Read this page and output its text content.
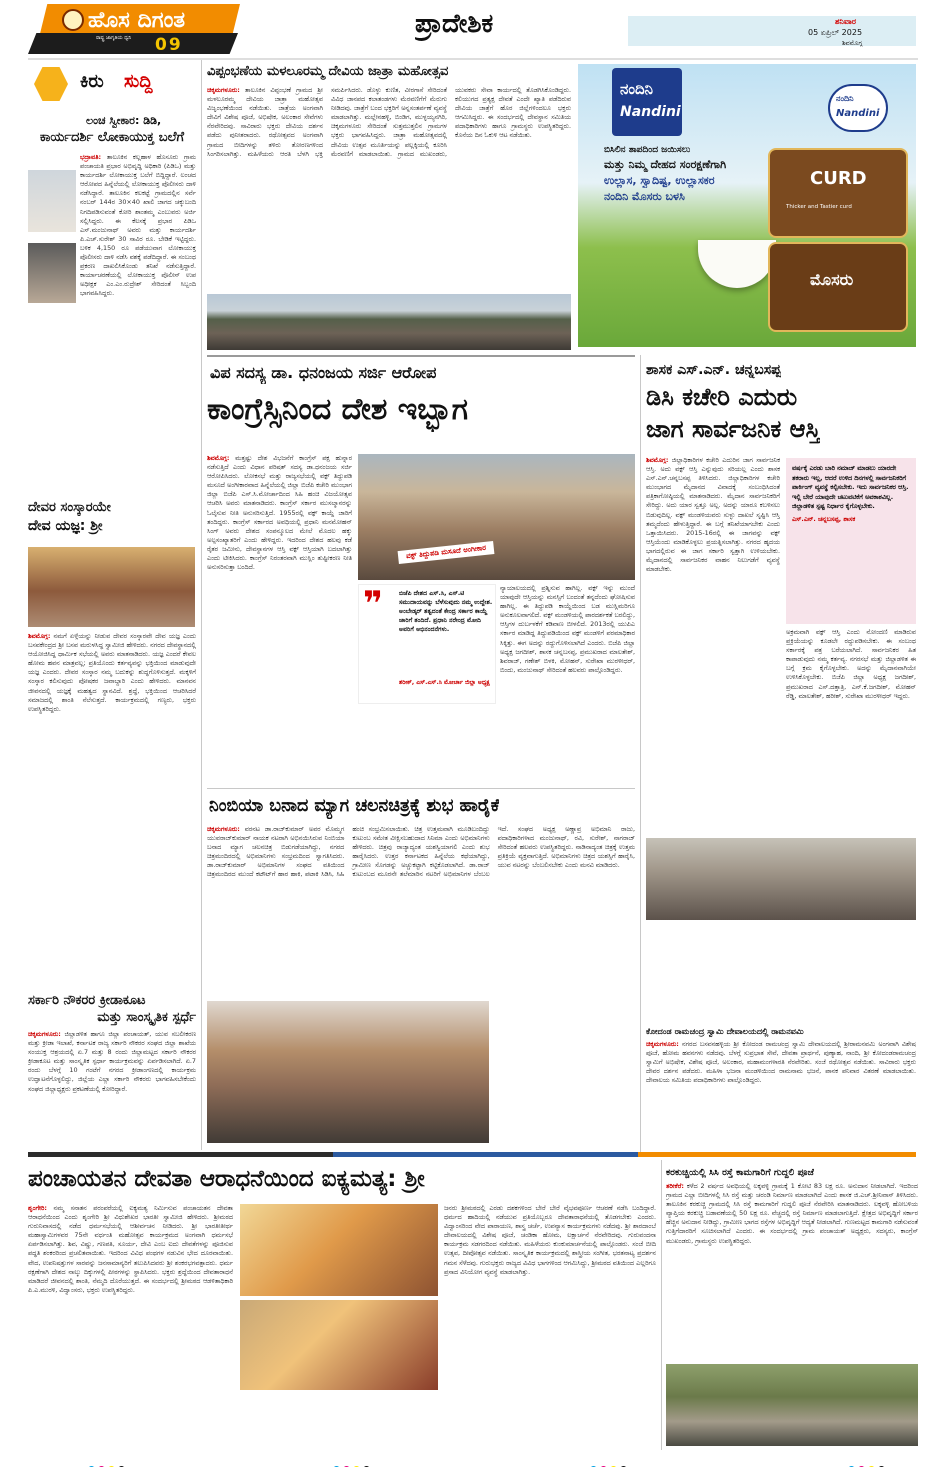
ಹೊಸ ದಿಗಂತ
ರಾಷ್ಟ್ರ ಜಾಗೃತಿಯ ಧ್ವನಿ 09
ಪ್ರಾದೇಶಿಕ	ಶನಿವಾರ
05 ಏಪ್ರಿಲ್ 2025
ಶಿವಮೊಗ್ಗ
ಕಿರು ಸುದ್ದಿ
ಲಂಚ ಸ್ವೀಕಾರ: ಡಿಡಿ,
ಕಾರ್ಯದರ್ಶಿ ಲೋಕಾಯುಕ್ತ ಬಲೆಗೆ
ಭದ್ರಾವತಿ: ತಾಲೂಕಿನ ಕಲ್ಲಹಾಳ ಹೊಸೂರು ಗ್ರಾಮ ಪಂಚಾಯತಿ ಪ್ರಭಾರ ಅಭಿವೃದ್ಧಿ ಅಧಿಕಾರಿ (ಪಿಡಿಒ) ಮತ್ತು ಕಾರ್ಯದರ್ಶಿ ಲೋಕಾಯುಕ್ತ ಬಲೆಗೆ ಬಿದ್ದಿದ್ದಾರೆ. ಲಂಚದ ಆರೋಪದ ಹಿನ್ನೆಲೆಯಲ್ಲಿ ಲೋಕಾಯುಕ್ತ ಪೊಲೀಸರು ದಾಳಿ ನಡೆಸಿದ್ದಾರೆ. ತಾಲೂಕಿನ ಕಲಕಟ್ಟೆ ಗ್ರಾಮದಲ್ಲಿನ ಸರ್ವೆ ನಂಬರ್ 144ರ 30×40 ಖಾಲಿ ಜಾಗದ ಚಕ್ಕುಬಂದಿ ನಿಗದಿಪಡಿಸುವಂತೆ ಕೋರಿ ಶಾಂತಮ್ಮ ಎಂಬುವರು ಅರ್ಜಿ ಸಲ್ಲಿಸಿದ್ದರು. ಈ ಕೆಲಸಕ್ಕೆ ಪ್ರಭಾರ ಪಿಡಿಒ ಎಸ್.ಮಂಜುನಾಥ್ ಅವರು ಮತ್ತು ಕಾರ್ಯದರ್ಶಿ ಪಿ.ಎಚ್.ಸುರೇಶ್ 30 ಸಾವಿರ ರೂ. ಬೇಡಿಕೆ ಇಟ್ಟಿದ್ದರು. ಬಳಿಕ 4,150 ರೂ ಪಡೆಯುವಾಗ ಲೋಕಾಯುಕ್ತ ಪೊಲೀಸರು ದಾಳಿ ನಡೆಸಿ ವಶಕ್ಕೆ ಪಡೆದಿದ್ದಾರೆ. ಈ ಸಂಬಂಧ ಪ್ರಕರಣ ದಾಖಲಿಸಿಕೊಂಡು ತನಿಖೆ ನಡೆಸುತ್ತಿದ್ದಾರೆ. ಕಾರ್ಯಾಚರಣೆಯಲ್ಲಿ ಲೋಕಾಯುಕ್ತ ಪೊಲೀಸ್ ಉಪ ಅಧೀಕ್ಷಕ ಎಂ.ಎಂ.ರುದ್ರೇಶ್ ಸೇರಿದಂತೆ ಸಿಬ್ಬಂದಿ ಭಾಗವಹಿಸಿದ್ದರು.
ದೇವರ ಸಂಸ್ಕಾರಯೇ
ದೇವ ಯಜ್ಞ: ಶ್ರೀ
ಶಿವಮೊಗ್ಗ: ನಮಗೆ ಏಳ್ಗೆಯನ್ನು ನೀಡುವ ದೇವರ ಸಂಸ್ಕಾರವೇ ದೇವ ಯಜ್ಞ ಎಂದು ಬಸವಕೇಂದ್ರದ ಶ್ರೀ ಬಸವ ಮರುಳಸಿದ್ಧ ಸ್ವಾಮೀಜಿ ಹೇಳಿದರು. ನಗರದ ದೇವಸ್ಥಾನದಲ್ಲಿ ಆಯೋಜಿಸಿದ್ದ ಧಾರ್ಮಿಕ ಸಭೆಯಲ್ಲಿ ಅವರು ಮಾತನಾಡಿದರು. ಯಜ್ಞ ಎಂದರೆ ಕೇವಲ ಹೋಮ ಹವನ ಮಾತ್ರವಲ್ಲ; ಪ್ರತಿಯೊಂದು ಕರ್ತವ್ಯವನ್ನು ಭಕ್ತಿಯಿಂದ ಮಾಡುವುದೇ ಯಜ್ಞ ಎಂದರು. ದೇವರ ಸಂಸ್ಕಾರ ನಮ್ಮ ಬದುಕನ್ನು ಶುದ್ಧಗೊಳಿಸುತ್ತದೆ. ಮಕ್ಕಳಿಗೆ ಸಂಸ್ಕಾರ ಕಲಿಸುವುದು ಪೋಷಕರ ಜವಾಬ್ದಾರಿ ಎಂದು ಹೇಳಿದರು. ಮಾನವನ ಜೀವನದಲ್ಲಿ ಯಜ್ಞಕ್ಕೆ ಮಹತ್ವದ ಸ್ಥಾನವಿದೆ. ಶ್ರದ್ಧೆ, ಭಕ್ತಿಯಿಂದ ಆಚರಿಸಿದರೆ ಸಮಾಜದಲ್ಲಿ ಶಾಂತಿ ನೆಲೆಸುತ್ತದೆ. ಕಾರ್ಯಕ್ರಮದಲ್ಲಿ ಗಣ್ಯರು, ಭಕ್ತರು ಉಪಸ್ಥಿತರಿದ್ದರು.
ಸರ್ಕಾರಿ ನೌಕರರ ಕ್ರೀಡಾಕೂಟ
ಮತ್ತು ಸಾಂಸ್ಕೃತಿಕ ಸ್ಪರ್ಧೆ
ಚಿಕ್ಕಮಗಳೂರು: ಜಿಲ್ಲಾಡಳಿತ ಹಾಗೂ ಜಿಲ್ಲಾ ಪಂಚಾಯತ್, ಯುವ ಸಬಲೀಕರಣ ಮತ್ತು ಕ್ರೀಡಾ ಇಲಾಖೆ, ಕರ್ನಾಟಕ ರಾಜ್ಯ ಸರ್ಕಾರಿ ನೌಕರರ ಸಂಘದ ಜಿಲ್ಲಾ ಶಾಖೆಯ ಸಂಯುಕ್ತ ಆಶ್ರಯದಲ್ಲಿ ಏ.7 ಮತ್ತು 8 ರಂದು ಜಿಲ್ಲಾಮಟ್ಟದ ಸರ್ಕಾರಿ ನೌಕರರ ಕ್ರೀಡಾಕೂಟ ಮತ್ತು ಸಾಂಸ್ಕೃತಿಕ ಸ್ಪರ್ಧಾ ಕಾರ್ಯಕ್ರಮವನ್ನು ಏರ್ಪಡಿಸಲಾಗಿದೆ. ಏ.7 ರಂದು ಬೆಳಗ್ಗೆ 10 ಗಂಟೆಗೆ ನಗರದ ಕ್ರೀಡಾಂಗಣದಲ್ಲಿ ಕಾರ್ಯಕ್ರಮ ಉದ್ಘಾಟನೆಗೊಳ್ಳಲಿದ್ದು, ಜಿಲ್ಲೆಯ ಎಲ್ಲಾ ಸರ್ಕಾರಿ ನೌಕರರು ಭಾಗವಹಿಸಬೇಕೆಂದು ಸಂಘದ ಜಿಲ್ಲಾಧ್ಯಕ್ಷರು ಪ್ರಕಟಣೆಯಲ್ಲಿ ಕೋರಿದ್ದಾರೆ.
ವಿಪ್ಪಂಭಣೆಯ ಮಳಲೂರಮ್ಮ ದೇವಿಯ ಜಾತ್ರಾ ಮಹೋತ್ಸವ
ಚಿಕ್ಕಮಗಳೂರು: ತಾಲೂಕಿನ ವಿಪ್ಪಂಭಣೆ ಗ್ರಾಮದ ಶ್ರೀ ಮಳಲೂರಮ್ಮ ದೇವಿಯ ಜಾತ್ರಾ ಮಹೋತ್ಸವ ವಿಜೃಂಭಣೆಯಿಂದ ನಡೆಯಿತು. ಜಾತ್ರೆಯ ಅಂಗವಾಗಿ ದೇವಿಗೆ ವಿಶೇಷ ಪೂಜೆ, ಅಭಿಷೇಕ, ಅಲಂಕಾರ ಸೇವೆಗಳು ನೆರವೇರಿದವು. ಸಾವಿರಾರು ಭಕ್ತರು ದೇವಿಯ ದರ್ಶನ ಪಡೆದು ಪುನೀತರಾದರು. ರಥೋತ್ಸವದ ಅಂಗವಾಗಿ ಗ್ರಾಮದ ಬೀದಿಗಳನ್ನು ತಳಿರು ತೋರಣಗಳಿಂದ ಸಿಂಗರಿಸಲಾಗಿತ್ತು. ಮಹಿಳೆಯರು ಆರತಿ ಬೆಳಗಿ ಭಕ್ತಿ ಸಮರ್ಪಿಸಿದರು. ಡೊಳ್ಳು ಕುಣಿತ, ವೀರಗಾಸೆ ಸೇರಿದಂತೆ ವಿವಿಧ ಜಾನಪದ ಕಲಾತಂಡಗಳು ಮೆರವಣಿಗೆಗೆ ಮೆರುಗು ನೀಡಿದವು. ಜಾತ್ರೆಗೆ ಬಂದ ಭಕ್ತರಿಗೆ ಅನ್ನಸಂತರ್ಪಣೆ ವ್ಯವಸ್ಥೆ ಮಾಡಲಾಗಿತ್ತು. ಮಲ್ಲೇನಹಳ್ಳಿ, ಬಿಂಡಿಗ, ಮುಳ್ಳಯ್ಯನಗಿರಿ, ಚಿಕ್ಕಮಗಳೂರು ಸೇರಿದಂತೆ ಸುತ್ತಮುತ್ತಲಿನ ಗ್ರಾಮಗಳ ಭಕ್ತರು ಭಾಗವಹಿಸಿದ್ದರು. ಜಾತ್ರಾ ಮಹೋತ್ಸವದಲ್ಲಿ ದೇವಿಯ ಉತ್ಸವ ಮೂರ್ತಿಯನ್ನು ಪಲ್ಲಕ್ಕಿಯಲ್ಲಿ ಕೂರಿಸಿ ಮೆರವಣಿಗೆ ಮಾಡಲಾಯಿತು. ಗ್ರಾಮದ ಮುಖಂಡರು, ಯುವಕರು ಸೇವಾ ಕಾರ್ಯದಲ್ಲಿ ತೊಡಗಿಸಿಕೊಂಡಿದ್ದರು. ಕಲಿಯುಗದ ಪ್ರತ್ಯಕ್ಷ ದೇವತೆ ಎಂದೇ ಖ್ಯಾತಿ ಪಡೆದಿರುವ ದೇವಿಯ ಜಾತ್ರೆಗೆ ಹೊರ ಜಿಲ್ಲೆಗಳಿಂದಲೂ ಭಕ್ತರು ಆಗಮಿಸಿದ್ದರು. ಈ ಸಂದರ್ಭದಲ್ಲಿ ದೇವಸ್ಥಾನ ಸಮಿತಿಯ ಪದಾಧಿಕಾರಿಗಳು ಹಾಗೂ ಗ್ರಾಮಸ್ಥರು ಉಪಸ್ಥಿತರಿದ್ದರು. ಕೊನೆಯ ದಿನ ಓಕುಳಿ ಆಟ ನಡೆಯಿತು.
ನಂದಿನಿ
Nandini
ನಂದಿನಿ
Nandini
ಬಿಸಿಲಿನ ತಾಪದಿಂದ ಜಯಿಸಲು
ಮತ್ತು ನಿಮ್ಮ ದೇಹದ ಸಂರಕ್ಷಣೆಗಾಗಿ
ಉಲ್ಲಾಸ, ಸ್ವಾದಿಷ್ಟ, ಉಲ್ಲಾಸಕರ
ನಂದಿನಿ ಮೊಸರು ಬಳಸಿ
CURD
Thicker and Tastier curd
ಮೊಸರು
ವಿಪ ಸದಸ್ಯ ಡಾ. ಧನಂಜಯ ಸರ್ಜಿ ಆರೋಪ
ಕಾಂಗ್ರೆಸ್ಸಿನಿಂದ ದೇಶ ಇಬ್ಭಾಗ
ಶಿವಮೊಗ್ಗ: ಮತ್ತಷ್ಟು ದೇಶ ವಿಭಜನೆಗೆ ಕಾಂಗ್ರೆಸ್ ಪಕ್ಷ ಹುನ್ನಾರ ನಡೆಸುತ್ತಿದೆ ಎಂದು ವಿಧಾನ ಪರಿಷತ್ ಸದಸ್ಯ ಡಾ.ಧನಂಜಯ ಸರ್ಜಿ ಆರೋಪಿಸಿದರು. ಲೋಕಸಭೆ ಮತ್ತು ರಾಜ್ಯಸಭೆಯಲ್ಲಿ ವಕ್ಫ್ ತಿದ್ದುಪಡಿ ಮಸೂದೆ ಅಂಗೀಕಾರವಾದ ಹಿನ್ನೆಲೆಯಲ್ಲಿ ಜಿಲ್ಲಾ ಬಿಜೆಪಿ ಕಚೇರಿ ಮುಂಭಾಗ ಜಿಲ್ಲಾ ಬಿಜೆಪಿ ಎಸ್.ಸಿ.ಮೋರ್ಚಾದಿಂದ ಸಿಹಿ ಹಂಚಿ ವಿಜಯೋತ್ಸವ ಆಚರಿಸಿ ಅವರು ಮಾತನಾಡಿದರು. ಕಾಂಗ್ರೆಸ್ ಸರ್ಕಾರ ಮುಸಲ್ಮಾನರನ್ನು ಓಲೈಸುವ ನೀತಿ ಅನುಸರಿಸುತ್ತಿದೆ. 1955ರಲ್ಲಿ ವಕ್ಫ್ ಕಾಯ್ದೆ ಜಾರಿಗೆ ತಂದಿದ್ದರು. ಕಾಂಗ್ರೆಸ್ ಸರ್ಕಾರದ ಅವಧಿಯಲ್ಲಿ ಪ್ರಧಾನಿ ಮನಮೋಹನ್ ಸಿಂಗ್ ಅವರು ದೇಶದ ಸಂಪನ್ಮೂಲದ ಮೇಲೆ ಮೊದಲ ಹಕ್ಕು ಅಲ್ಪಸಂಖ್ಯಾತರಿಗೆ ಎಂದು ಹೇಳಿದ್ದರು. ಇದರಿಂದ ದೇಶದ ಹಲವು ಕಡೆ ರೈತರ ಜಮೀನು, ದೇವಸ್ಥಾನಗಳ ಆಸ್ತಿ ವಕ್ಫ್ ಆಸ್ತಿಯಾಗಿ ಬದಲಾಗಿತ್ತು ಎಂದು ಟೀಕಿಸಿದರು. ಕಾಂಗ್ರೆಸ್ ನಿರಂತರವಾಗಿ ಮುಸ್ಲಿಂ ತುಷ್ಟೀಕರಣ ನೀತಿ ಅನುಸರಿಸುತ್ತಾ ಬಂದಿದೆ.
ವಕ್ಫ್ ತಿದ್ದುಪಡಿ ಮಸೂದೆ ಅಂಗೀಕಾರ
❞	ಬಿಜೆಪಿ ದೇಶದ ಎಸ್.ಸಿ, ಎಸ್.ಟಿ ಸಮುದಾಯವನ್ನು ಬೆಳೆಸುವುದು ನಮ್ಮ ಉದ್ದೇಶ. ಅಂಬೇಡ್ಕರ್ ತತ್ವದಂತೆ ಕೇಂದ್ರ ಸರ್ಕಾರ ಕಾಯ್ದೆ ಜಾರಿಗೆ ತಂದಿದೆ. ಪ್ರಧಾನಿ ನರೇಂದ್ರ ಮೋದಿ ಅವರಿಗೆ ಅಭಿನಂದನೆಗಳು.
ಶರೀಕ್, ಎಸ್.ಎಸ್.ಸಿ ಮೋರ್ಚಾ ಜಿಲ್ಲಾ ಅಧ್ಯಕ್ಷ
ನ್ಯಾಯಾಲಯದಲ್ಲಿ ಪ್ರಶ್ನಿಸುವ ಹಾಗಿಲ್ಲ. ವಕ್ಫ್ ಇನ್ನು ಮುಂದೆ ಯಾವುದೇ ಆಸ್ತಿಯನ್ನು ಮನಸ್ಸಿಗೆ ಬಂದಂತೆ ತನ್ನದೆಂದು ಘೋಷಿಸುವ ಹಾಗಿಲ್ಲ. ಈ ತಿದ್ದುಪಡಿ ಕಾಯ್ದೆಯಿಂದ ಬಡ ಮುಸ್ಲಿಮರಿಗೂ ಅನುಕೂಲವಾಗಲಿದೆ. ವಕ್ಫ್ ಮಂಡಳಿಯಲ್ಲಿ ಪಾರದರ್ಶಕತೆ ಬರಲಿದ್ದು, ಆಸ್ತಿಗಳ ದುರ್ಬಳಕೆಗೆ ಕಡಿವಾಣ ಬೀಳಲಿದೆ. 2013ರಲ್ಲಿ ಯುಪಿಎ ಸರ್ಕಾರ ಮಾಡಿದ್ದ ತಿದ್ದುಪಡಿಯಿಂದ ವಕ್ಫ್ ಮಂಡಳಿಗೆ ಪರಮಾಧಿಕಾರ ಸಿಕ್ಕಿತ್ತು. ಈಗ ಅದನ್ನು ರದ್ದುಗೊಳಿಸಲಾಗಿದೆ ಎಂದರು. ಬಿಜೆಪಿ ಜಿಲ್ಲಾ ಅಧ್ಯಕ್ಷ ಜಗದೀಶ್, ಶಾಸಕ ಚನ್ನಬಸಪ್ಪ, ಪ್ರಮುಖರಾದ ಮಾಲತೇಶ್, ಶಿವರಾಜ್, ಗಣೇಶ್ ಬಿಳಕಿ, ಮೋಹನ್, ಸುರೇಖಾ ಮುರಳೀಧರ್, ಬಿಂದು, ಮಂಜುನಾಥ್ ಸೇರಿದಂತೆ ಹಲವರು ಪಾಲ್ಗೊಂಡಿದ್ದರು.
ಶಾಸಕ ಎಸ್.ಎನ್. ಚನ್ನಬಸಪ್ಪ
ಡಿಸಿ ಕಚೇರಿ ಎದುರು
ಜಾಗ ಸಾರ್ವಜನಿಕ ಆಸ್ತಿ
ಶಿವಮೊಗ್ಗ: ಜಿಲ್ಲಾಧಿಕಾರಿಗಳ ಕಚೇರಿ ಎದುರಿನ ಜಾಗ ಸಾರ್ವಜನಿಕ ಆಸ್ತಿ. ಅದು ವಕ್ಫ್ ಆಸ್ತಿ ಎನ್ನುವುದು ಸರಿಯಲ್ಲ ಎಂದು ಶಾಸಕ ಎಸ್.ಎನ್.ಚನ್ನಬಸಪ್ಪ ತಿಳಿಸಿದರು. ಜಿಲ್ಲಾಧಿಕಾರಿಗಳ ಕಚೇರಿ ಮುಂಭಾಗದ ಮೈದಾನದ ವಿವಾದಕ್ಕೆ ಸಂಬಂಧಿಸಿದಂತೆ ಪತ್ರಿಕಾಗೋಷ್ಠಿಯಲ್ಲಿ ಮಾತನಾಡಿದರು. ಮೈದಾನ ಸಾರ್ವಜನಿಕರಿಗೆ ಸೇರಿದ್ದು. ಅದು ಯಾರ ಸ್ವತ್ತೂ ಅಲ್ಲ. ಅದನ್ನು ಯಾರೂ ಕಬಳಿಸಲು ಬಿಡುವುದಿಲ್ಲ. ವಕ್ಫ್ ಮಂಡಳಿಯವರು ಸುಳ್ಳು ದಾಖಲೆ ಸೃಷ್ಟಿಸಿ ಆಸ್ತಿ ತಮ್ಮದೆಂದು ಹೇಳುತ್ತಿದ್ದಾರೆ. ಈ ಬಗ್ಗೆ ತನಿಖೆಯಾಗಬೇಕು ಎಂದು ಒತ್ತಾಯಿಸಿದರು. 2015-16ರಲ್ಲಿ ಈ ಜಾಗವನ್ನು ವಕ್ಫ್ ಆಸ್ತಿಯೆಂದು ಮಾಡಿಕೊಳ್ಳಲು ಪ್ರಯತ್ನಿಸಲಾಗಿತ್ತು. ನಗರದ ಹೃದಯ ಭಾಗದಲ್ಲಿರುವ ಈ ಜಾಗ ಸರ್ಕಾರಿ ಸ್ವತ್ತಾಗಿ ಉಳಿಯಬೇಕು. ಮೈದಾನದಲ್ಲಿ ಸಾರ್ವಜನಿಕರ ವಾಹನ ನಿಲುಗಡೆಗೆ ವ್ಯವಸ್ಥೆ ಮಾಡಬೇಕು.
ವರ್ಷಕ್ಕೆ ಎರಡು ಬಾರಿ ನಮಾಜ್ ಮಾಡಲು ಯಾರದೇ ತಕರಾರು ಇಲ್ಲ, ಆದರೆ ಉಳಿದ ದಿನಗಳಲ್ಲಿ ಸಾರ್ವಜನಿಕರಿಗೆ ಪಾರ್ಕಿಂಗ್ ವ್ಯವಸ್ಥೆ ಕಲ್ಪಿಸಬೇಕು. ಇದು ಸಾರ್ವಜನಿಕರ ಆಸ್ತಿ. ಇಲ್ಲಿ ಬೇರೆ ಯಾವುದೇ ಚಟುವಟಿಕೆಗೆ ಅವಕಾಶವಿಲ್ಲ. ಜಿಲ್ಲಾಡಳಿತ ಸ್ಪಷ್ಟ ನಿರ್ಧಾರ ಕೈಗೊಳ್ಳಬೇಕು.
ಎಸ್.ಎನ್. ಚನ್ನಬಸಪ್ಪ, ಶಾಸಕ
ಅಕ್ರಮವಾಗಿ ವಕ್ಫ್ ಆಸ್ತಿ ಎಂದು ನೋಂದಣಿ ಮಾಡಿರುವ ಪ್ರಕ್ರಿಯೆಯನ್ನು ಕೂಡಲೇ ರದ್ದುಪಡಿಸಬೇಕು. ಈ ಸಂಬಂಧ ಸರ್ಕಾರಕ್ಕೆ ಪತ್ರ ಬರೆಯಲಾಗಿದೆ. ಸಾರ್ವಜನಿಕರ ಹಿತ ಕಾಪಾಡುವುದು ನಮ್ಮ ಕರ್ತವ್ಯ. ನಗರಸಭೆ ಮತ್ತು ಜಿಲ್ಲಾಡಳಿತ ಈ ಬಗ್ಗೆ ಕ್ರಮ ಕೈಗೊಳ್ಳಬೇಕು. ಅದನ್ನು ಮೈದಾನವಾಗಿಯೇ ಉಳಿಸಿಕೊಳ್ಳಬೇಕು. ಬಿಜೆಪಿ ಜಿಲ್ಲಾ ಅಧ್ಯಕ್ಷ ಜಗದೀಶ್, ಪ್ರಮುಖರಾದ ಎಸ್.ದತ್ತಾತ್ರಿ, ಎನ್.ಕೆ.ಜಗದೀಶ್, ಮೋಹನ್ ರೆಡ್ಡಿ, ಮಾಲತೇಶ್, ಹರೀಶ್, ಸುರೇಖಾ ಮುರಳೀಧರ್ ಇದ್ದರು.
ಕೋದಂಡ ರಾಮಚಂದ್ರ ಸ್ವಾಮಿ ದೇವಾಲಯದಲ್ಲಿ ರಾಮನವಮಿ
ಚಿಕ್ಕಮಗಳೂರು: ನಗರದ ಬಸವನಹಳ್ಳಿಯ ಶ್ರೀ ಕೋದಂಡ ರಾಮಚಂದ್ರ ಸ್ವಾಮಿ ದೇವಾಲಯದಲ್ಲಿ ಶ್ರೀರಾಮನವಮಿ ಅಂಗವಾಗಿ ವಿಶೇಷ ಪೂಜೆ, ಹೋಮ ಹವನಗಳು ನಡೆದವು. ಬೆಳಗ್ಗೆ ಸುಪ್ರಭಾತ ಸೇವೆ, ದೇವತಾ ಪ್ರಾರ್ಥನೆ, ಪುಣ್ಯಾಹ, ನಾಂದಿ, ಶ್ರೀ ಕೋದಂಡರಾಮಚಂದ್ರ ಸ್ವಾಮಿಗೆ ಅಭಿಷೇಕ, ವಿಶೇಷ ಪೂಜೆ, ಅಲಂಕಾರ, ಮಹಾಮಂಗಳಾರತಿ ನೆರವೇರಿತು. ಸಂಜೆ ರಥೋತ್ಸವ ನಡೆಯಿತು. ಸಾವಿರಾರು ಭಕ್ತರು ದೇವರ ದರ್ಶನ ಪಡೆದರು. ಮಹಿಳಾ ಭಜನಾ ಮಂಡಳಿಯಿಂದ ರಾಮನಾಮ ಭಜನೆ, ಪಾನಕ ಪನಿವಾರ ವಿತರಣೆ ಮಾಡಲಾಯಿತು. ದೇವಾಲಯ ಸಮಿತಿಯ ಪದಾಧಿಕಾರಿಗಳು ಪಾಲ್ಗೊಂಡಿದ್ದರು.
ನಿಂಬಿಯಾ ಬನಾದ ಮ್ಯಾಗ ಚಲನಚಿತ್ರಕ್ಕೆ ಶುಭ ಹಾರೈಕೆ
ಚಿಕ್ಕಮಗಳೂರು: ವರನಟ ಡಾ.ರಾಜ್‌ಕುಮಾರ್ ಅವರ ಮೊಮ್ಮಗ ಯುವರಾಜ್‌ಕುಮಾರ್ ನಾಯಕ ನಟರಾಗಿ ಅಭಿನಯಿಸಿರುವ ನಿಂಬಿಯಾ ಬನಾದ ಮ್ಯಾಗ ಚಲನಚಿತ್ರ ಬಿಡುಗಡೆಯಾಗಿದ್ದು, ನಗರದ ಚಿತ್ರಮಂದಿರದಲ್ಲಿ ಅಭಿಮಾನಿಗಳು ಸಂಭ್ರಮದಿಂದ ಸ್ವಾಗತಿಸಿದರು. ಡಾ.ರಾಜ್‌ಕುಮಾರ್ ಅಭಿಮಾನಿಗಳ ಸಂಘದ ವತಿಯಿಂದ ಚಿತ್ರಮಂದಿರದ ಮುಂದೆ ಕಟೌಟ್‌ಗೆ ಹಾರ ಹಾಕಿ, ಪಟಾಕಿ ಸಿಡಿಸಿ, ಸಿಹಿ ಹಂಚಿ ಸಂಭ್ರಮಿಸಲಾಯಿತು. ಚಿತ್ರ ಉತ್ತಮವಾಗಿ ಮೂಡಿಬಂದಿದ್ದು ಕುಟುಂಬ ಸಮೇತ ವೀಕ್ಷಿಸಬಹುದಾದ ಸಿನಿಮಾ ಎಂದು ಅಭಿಮಾನಿಗಳು ಹೇಳಿದರು. ಚಿತ್ರವು ರಾಜ್ಯಾದ್ಯಂತ ಯಶಸ್ವಿಯಾಗಲಿ ಎಂದು ಶುಭ ಹಾರೈಸಿದರು. ಉತ್ತರ ಕರ್ನಾಟಕದ ಹಿನ್ನೆಲೆಯ ಕಥೆಯಾಗಿದ್ದು, ಗ್ರಾಮೀಣ ಸೊಗಡನ್ನು ಅಚ್ಚುಕಟ್ಟಾಗಿ ಕಟ್ಟಿಕೊಡಲಾಗಿದೆ. ಡಾ.ರಾಜ್ ಕುಟುಂಬದ ಮೂರನೇ ತಲೆಮಾರಿನ ನಟರಿಗೆ ಅಭಿಮಾನಿಗಳ ಬೆಂಬಲ ಇದೆ. ಸಂಘದ ಅಧ್ಯಕ್ಷ ಅಣ್ಣಾವ್ರ ಅಭಿಮಾನಿ ರಾಜು, ಪದಾಧಿಕಾರಿಗಳಾದ ಮಂಜುನಾಥ್, ರವಿ, ಸುರೇಶ್, ನಾಗರಾಜ್ ಸೇರಿದಂತೆ ಹಲವರು ಉಪಸ್ಥಿತರಿದ್ದರು. ನಾಡಿನಾದ್ಯಂತ ಚಿತ್ರಕ್ಕೆ ಉತ್ತಮ ಪ್ರತಿಕ್ರಿಯೆ ವ್ಯಕ್ತವಾಗುತ್ತಿದೆ. ಅಭಿಮಾನಿಗಳು ಚಿತ್ರದ ಯಶಸ್ಸಿಗೆ ಹಾರೈಸಿ, ಯುವ ನಟರನ್ನು ಬೆಂಬಲಿಸಬೇಕು ಎಂದು ಮನವಿ ಮಾಡಿದರು.
ಪಂಚಾಯತನ ದೇವತಾ ಆರಾಧನೆಯಿಂದ ಐಕ್ಯಮತ್ಯ: ಶ್ರೀ
ಶೃಂಗೇರಿ: ನಮ್ಮ ಸನಾತನ ಪರಂಪರೆಯಲ್ಲಿ ಐಕ್ಯಮತ್ಯ ನಿರ್ಮಿಸುವ ಪಂಚಾಯತನ ದೇವತಾ ಆರಾಧನೆಯಿಂದ ಎಂದು ಶೃಂಗೇರಿ ಶ್ರೀ ವಿಧುಶೇಖರ ಭಾರತೀ ಸ್ವಾಮೀಜಿ ಹೇಳಿದರು. ಶ್ರೀಮಠದ ಗುರುನಿವಾಸದಲ್ಲಿ ನಡೆದ ಧರ್ಮಸಭೆಯಲ್ಲಿ ಆಶೀರ್ವಚನ ನೀಡಿದರು. ಶ್ರೀ ಭಾರತೀತೀರ್ಥ ಮಹಾಸ್ವಾಮಿಗಳವರ 75ನೇ ವರ್ಧಂತಿ ಮಹೋತ್ಸವ ಕಾರ್ಯಕ್ರಮದ ಅಂಗವಾಗಿ ಧರ್ಮಸಭೆ ಏರ್ಪಡಿಸಲಾಗಿತ್ತು. ಶಿವ, ವಿಷ್ಣು, ಗಣಪತಿ, ಸೂರ್ಯ, ದೇವಿ ಎಂಬ ಐದು ದೇವತೆಗಳನ್ನು ಪೂಜಿಸುವ ಪದ್ಧತಿ ಶಂಕರರಿಂದ ಪ್ರಚಲಿತವಾಯಿತು. ಇದರಿಂದ ವಿವಿಧ ಪಂಥಗಳ ನಡುವಿನ ಭೇದ ದೂರವಾಯಿತು. ವೇದ, ಉಪನಿಷತ್ತುಗಳ ಸಾರವನ್ನು ಜನಸಾಮಾನ್ಯರಿಗೆ ತಲುಪಿಸಿದವರು ಶ್ರೀ ಶಂಕರಭಗವತ್ಪಾದರು. ಧರ್ಮ ರಕ್ಷಣೆಗಾಗಿ ದೇಶದ ನಾಲ್ಕು ದಿಕ್ಕುಗಳಲ್ಲಿ ಪೀಠಗಳನ್ನು ಸ್ಥಾಪಿಸಿದರು. ಭಕ್ತರು ಶ್ರದ್ಧೆಯಿಂದ ದೇವತಾರಾಧನೆ ಮಾಡಿದರೆ ಜೀವನದಲ್ಲಿ ಶಾಂತಿ, ನೆಮ್ಮದಿ ದೊರೆಯುತ್ತದೆ. ಈ ಸಂದರ್ಭದಲ್ಲಿ ಶ್ರೀಮಠದ ಆಡಳಿತಾಧಿಕಾರಿ ಪಿ.ಎ.ಮುರಳಿ, ವಿದ್ವಾಂಸರು, ಭಕ್ತರು ಉಪಸ್ಥಿತರಿದ್ದರು.
ಜನರು ಶ್ರೀಮಠದಲ್ಲಿ ಎರಡು ದಶಕಗಳಿಂದ ಬೇರೆ ಬೇರೆ ವೈಭವಪೂರ್ಣ ಆಚರಣೆ ನಡೆಸಿ ಬಂದಿದ್ದಾರೆ. ಧರ್ಮದ ಹಾದಿಯಲ್ಲಿ ನಡೆಯುವ ಪ್ರತಿಯೊಬ್ಬರೂ ದೇವತಾರಾಧನೆಯಲ್ಲಿ ತೊಡಗಬೇಕು ಎಂದರು. ವಿದ್ವಾಂಸರಿಂದ ವೇದ ಪಾರಾಯಣ, ಶಾಸ್ತ್ರ ಚರ್ಚೆ, ಉಪನ್ಯಾಸ ಕಾರ್ಯಕ್ರಮಗಳು ನಡೆದವು. ಶ್ರೀ ಶಾರದಾಂಬೆ ದೇವಾಲಯದಲ್ಲಿ ವಿಶೇಷ ಪೂಜೆ, ಚಂಡಿಕಾ ಹೋಮ, ಲಕ್ಷಾರ್ಚನೆ ನೆರವೇರಿದವು. ಗುರುವಂದನಾ ಕಾರ್ಯಕ್ರಮ ಸಡಗರದಿಂದ ನಡೆಯಿತು. ಮಹಿಳೆಯರು ಕುಂಕುಮಾರ್ಚನೆಯಲ್ಲಿ ಪಾಲ್ಗೊಂಡರು. ಸಂಜೆ ಬೀದಿ ಉತ್ಸವ, ದೀಪೋತ್ಸವ ನಡೆಯಿತು. ಸಾಂಸ್ಕೃತಿಕ ಕಾರ್ಯಕ್ರಮದಲ್ಲಿ ಶಾಸ್ತ್ರೀಯ ಸಂಗೀತ, ಭರತನಾಟ್ಯ ಪ್ರದರ್ಶನ ಗಮನ ಸೆಳೆದವು. ಗುರುಭಕ್ತರು ರಾಜ್ಯದ ವಿವಿಧ ಭಾಗಗಳಿಂದ ಆಗಮಿಸಿದ್ದು, ಶ್ರೀಮಠದ ವತಿಯಿಂದ ಎಲ್ಲರಿಗೂ ಪ್ರಸಾದ ವಿನಿಯೋಗ ವ್ಯವಸ್ಥೆ ಮಾಡಲಾಗಿತ್ತು.
ಕರಕುಚ್ಚಿಯಲ್ಲಿ ಸಿಸಿ ರಸ್ತೆ ಕಾಮಗಾರಿಗೆ ಗುದ್ದಲಿ ಪೂಜೆ
ತರೀಕೆರೆ: ಕಳೆದ 2 ವರ್ಷದ ಅವಧಿಯಲ್ಲಿ ಲಕ್ಕವಳ್ಳಿ ಗ್ರಾಮಕ್ಕೆ 1 ಕೋಟಿ 83 ಲಕ್ಷ ರೂ. ಅನುದಾನ ನೀಡಲಾಗಿದೆ. ಇದರಿಂದ ಗ್ರಾಮದ ಎಲ್ಲಾ ಬೀದಿಗಳಲ್ಲಿ ಸಿಸಿ ರಸ್ತೆ ಮತ್ತು ಚರಂಡಿ ನಿರ್ಮಾಣ ಮಾಡಲಾಗಿದೆ ಎಂದು ಶಾಸಕ ಜಿ.ಎಚ್.ಶ್ರೀನಿವಾಸ್ ತಿಳಿಸಿದರು. ತಾಲೂಕಿನ ಕರಕುಚ್ಚಿ ಗ್ರಾಮದಲ್ಲಿ ಸಿಸಿ ರಸ್ತೆ ಕಾಮಗಾರಿಗೆ ಗುದ್ದಲಿ ಪೂಜೆ ನೆರವೇರಿಸಿ ಮಾತನಾಡಿದರು. ಲಕ್ಕವಳ್ಳಿ ಹೋಬಳಿಯ ವ್ಯಾಪ್ತಿಯ ಕರಕುಚ್ಚಿ ಬಡಾವಣೆಯಲ್ಲಿ 50 ಲಕ್ಷ ರೂ. ವೆಚ್ಚದಲ್ಲಿ ರಸ್ತೆ ನಿರ್ಮಾಣ ಮಾಡಲಾಗುತ್ತಿದೆ. ಕ್ಷೇತ್ರದ ಅಭಿವೃದ್ಧಿಗೆ ಸರ್ಕಾರ ಹೆಚ್ಚಿನ ಅನುದಾನ ನೀಡಿದ್ದು, ಗ್ರಾಮೀಣ ಭಾಗದ ರಸ್ತೆಗಳ ಅಭಿವೃದ್ಧಿಗೆ ಆದ್ಯತೆ ನೀಡಲಾಗಿದೆ. ಗುಣಮಟ್ಟದ ಕಾಮಗಾರಿ ನಡೆಸುವಂತೆ ಗುತ್ತಿಗೆದಾರರಿಗೆ ಸೂಚಿಸಲಾಗಿದೆ ಎಂದರು. ಈ ಸಂದರ್ಭದಲ್ಲಿ ಗ್ರಾಮ ಪಂಚಾಯತ್ ಅಧ್ಯಕ್ಷರು, ಸದಸ್ಯರು, ಕಾಂಗ್ರೆಸ್ ಮುಖಂಡರು, ಗ್ರಾಮಸ್ಥರು ಉಪಸ್ಥಿತರಿದ್ದರು.
